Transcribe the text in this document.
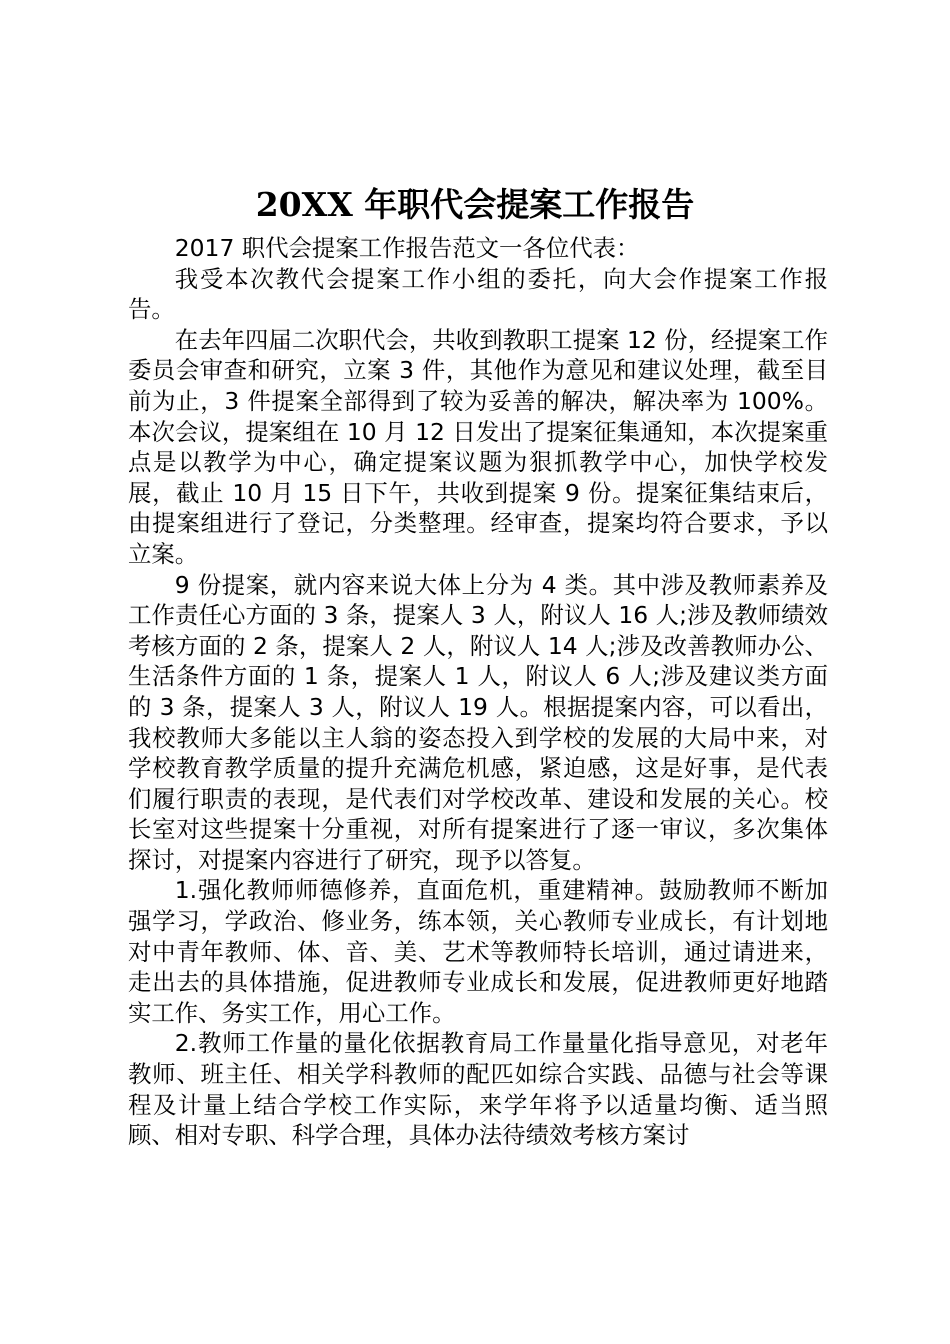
20XX 年职代会提案工作报告

2017 职代会提案工作报告范文一各位代表：

我受本次教代会提案工作小组的委托，向大会作提案工作报告。

在去年四届二次职代会，共收到教职工提案 12 份，经提案工作委员会审查和研究，立案 3 件，其他作为意见和建议处理，截至目前为止，3 件提案全部得到了较为妥善的解决，解决率为 100%。本次会议，提案组在 10 月 12 日发出了提案征集通知，本次提案重点是以教学为中心，确定提案议题为狠抓教学中心，加快学校发展，截止 10 月 15 日下午，共收到提案 9 份。提案征集结束后，由提案组进行了登记，分类整理。经审查，提案均符合要求，予以立案。

9 份提案，就内容来说大体上分为 4 类。其中涉及教师素养及工作责任心方面的 3 条，提案人 3 人，附议人 16 人;涉及教师绩效考核方面的 2 条，提案人 2 人，附议人 14 人;涉及改善教师办公、生活条件方面的 1 条，提案人 1 人，附议人 6 人;涉及建议类方面的 3 条，提案人 3 人，附议人 19 人。根据提案内容，可以看出，我校教师大多能以主人翁的姿态投入到学校的发展的大局中来，对学校教育教学质量的提升充满危机感，紧迫感，这是好事，是代表们履行职责的表现，是代表们对学校改革、建设和发展的关心。校长室对这些提案十分重视，对所有提案进行了逐一审议，多次集体探讨，对提案内容进行了研究，现予以答复。

1.强化教师师德修养，直面危机，重建精神。鼓励教师不断加强学习，学政治、修业务，练本领，关心教师专业成长，有计划地对中青年教师、体、音、美、艺术等教师特长培训，通过请进来，走出去的具体措施，促进教师专业成长和发展，促进教师更好地踏实工作、务实工作，用心工作。

2.教师工作量的量化依据教育局工作量量化指导意见，对老年教师、班主任、相关学科教师的配匹如综合实践、品德与社会等课程及计量上结合学校工作实际，来学年将予以适量均衡、适当照顾、相对专职、科学合理，具体办法待绩效考核方案讨
